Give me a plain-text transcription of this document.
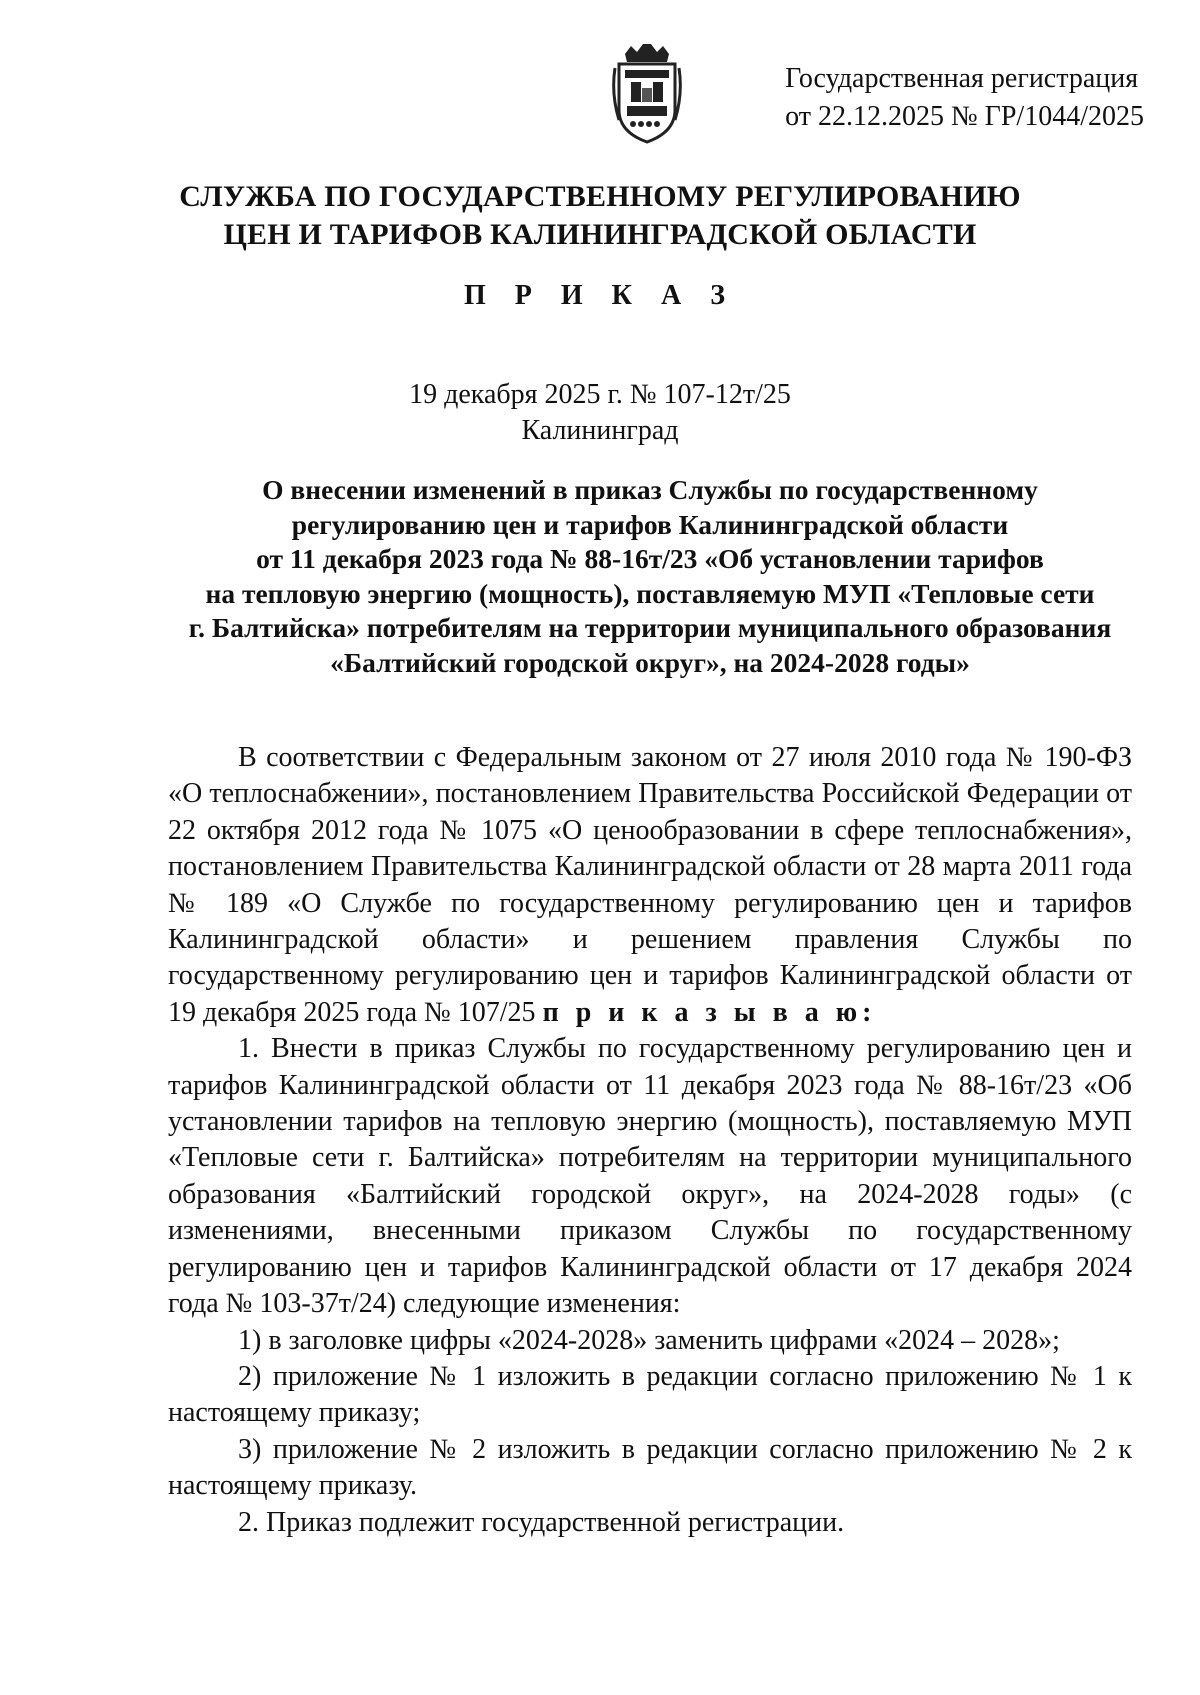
Государственная регистрация
от 22.12.2025 № ГР/1044/2025
СЛУЖБА ПО ГОСУДАРСТВЕННОМУ РЕГУЛИРОВАНИЮ
ЦЕН И ТАРИФОВ КАЛИНИНГРАДСКОЙ ОБЛАСТИ
П Р И К А З
19 декабря 2025 г. № 107-12т/25
Калининград
О внесении изменений в приказ Службы по государственному
регулированию цен и тарифов Калининградской области
от 11 декабря 2023 года № 88-16т/23 «Об установлении тарифов
на тепловую энергию (мощность), поставляемую МУП «Тепловые сети
г. Балтийска» потребителям на территории муниципального образования
«Балтийский городской округ», на 2024-2028 годы»

В соответствии с Федеральным законом от 27 июля 2010 года № 190-ФЗ «О теплоснабжении», постановлением Правительства Российской Федерации от 22 октября 2012 года № 1075 «О ценообразовании в сфере теплоснабжения», постановлением Правительства Калининградской области от 28 марта 2011 года № 189 «О Службе по государственному регулированию цен и тарифов Калининградской области» и решением правления Службы по государственному регулированию цен и тарифов Калининградской области от 19 декабря 2025 года № 107/25 п р и к а з ы в а ю:

1. Внести в приказ Службы по государственному регулированию цен и тарифов Калининградской области от 11 декабря 2023 года № 88-16т/23 «Об установлении тарифов на тепловую энергию (мощность), поставляемую МУП «Тепловые сети г. Балтийска» потребителям на территории муниципального образования «Балтийский городской округ», на 2024-2028 годы» (с изменениями, внесенными приказом Службы по государственному регулированию цен и тарифов Калининградской области от 17 декабря 2024 года № 103-37т/24) следующие изменения:

1) в заголовке цифры «2024-2028» заменить цифрами «2024 – 2028»;

2) приложение № 1 изложить в редакции согласно приложению № 1 к настоящему приказу;

3) приложение № 2 изложить в редакции согласно приложению № 2 к настоящему приказу.

2. Приказ подлежит государственной регистрации.
